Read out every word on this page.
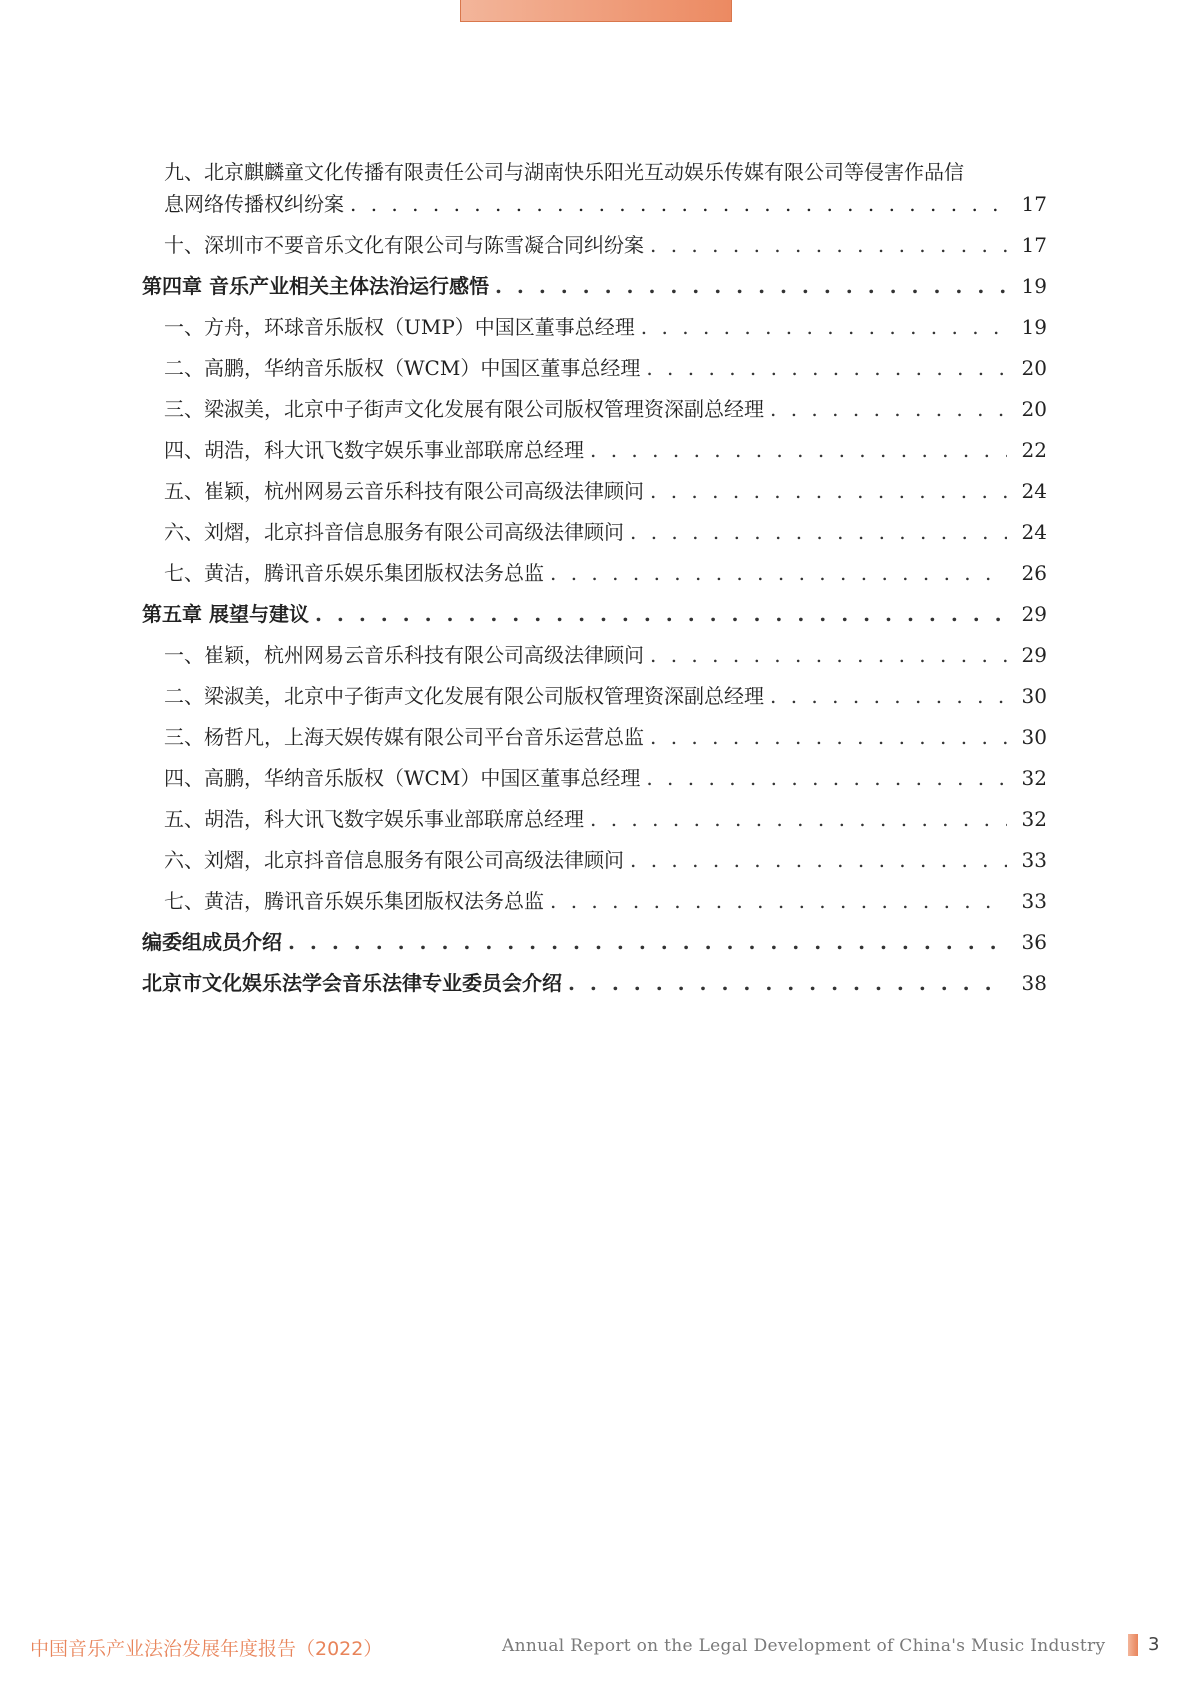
九、北京麒麟童文化传播有限责任公司与湖南快乐阳光互动娱乐传媒有限公司等侵害作品信
息网络传播权纠纷案 . . .	17
十、深圳市不要音乐文化有限公司与陈雪凝合同纠纷案 . . .	17
第四章 音乐产业相关主体法治运行感悟 . . .	19
一、方舟，环球音乐版权（UMP）中国区董事总经理 . . .	19
二、高鹏，华纳音乐版权（WCM）中国区董事总经理 . . .	20
三、梁淑美，北京中子街声文化发展有限公司版权管理资深副总经理 . . .	20
四、胡浩，科大讯飞数字娱乐事业部联席总经理 . . .	22
五、崔颖，杭州网易云音乐科技有限公司高级法律顾问 . . .	24
六、刘熠，北京抖音信息服务有限公司高级法律顾问 . . .	24
七、黄洁，腾讯音乐娱乐集团版权法务总监 . . .	26
第五章 展望与建议 . . .	29
一、崔颖，杭州网易云音乐科技有限公司高级法律顾问 . . .	29
二、梁淑美，北京中子街声文化发展有限公司版权管理资深副总经理 . . .	30
三、杨哲凡，上海天娱传媒有限公司平台音乐运营总监 . . .	30
四、高鹏，华纳音乐版权（WCM）中国区董事总经理 . . .	32
五、胡浩，科大讯飞数字娱乐事业部联席总经理 . . .	32
六、刘熠，北京抖音信息服务有限公司高级法律顾问 . . .	33
七、黄洁，腾讯音乐娱乐集团版权法务总监 . . .	33
编委组成员介绍 . . .	36
北京市文化娱乐法学会音乐法律专业委员会介绍 . . .	38
中国音乐产业法治发展年度报告（2022）	Annual Report on the Legal Development of China's Music Industry 3
